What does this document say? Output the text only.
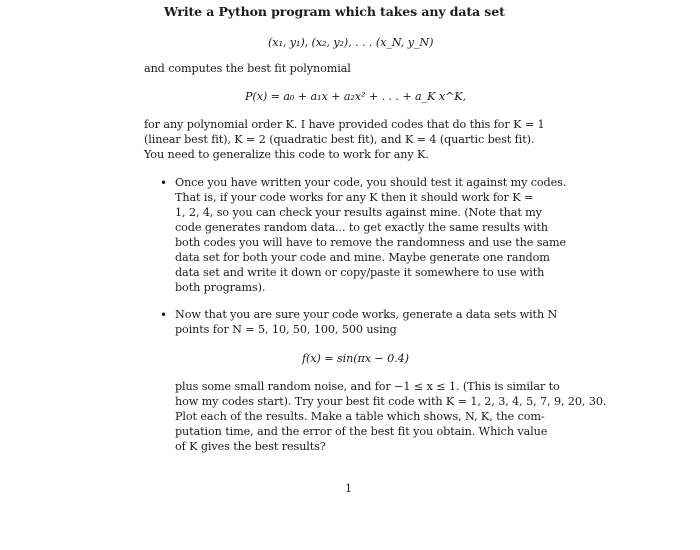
Write a Python program which takes any data set
(x₁, y₁), (x₂, y₂), . . . (x_N, y_N)
and computes the best fit polynomial
P(x) = a₀ + a₁x + a₂x² + . . . + a_K x^K,
for any polynomial order K. I have provided codes that do this for K = 1
(linear best fit), K = 2 (quadratic best fit), and K = 4 (quartic best fit).
You need to generalize this code to work for any K.
• Once you have written your code, you should test it against my codes.
That is, if your code works for any K then it should work for K =
1, 2, 4, so you can check your results against mine. (Note that my
code generates random data... to get exactly the same results with
both codes you will have to remove the randomness and use the same
data set for both your code and mine. Maybe generate one random
data set and write it down or copy/paste it somewhere to use with
both programs).
• Now that you are sure your code works, generate a data sets with N
points for N = 5, 10, 50, 100, 500 using
f(x) = sin(πx − 0.4)
plus some small random noise, and for −1 ≤ x ≤ 1. (This is similar to
how my codes start). Try your best fit code with K = 1, 2, 3, 4, 5, 7, 9, 20, 30.
Plot each of the results. Make a table which shows, N, K, the com-
putation time, and the error of the best fit you obtain. Which value
of K gives the best results?
1
